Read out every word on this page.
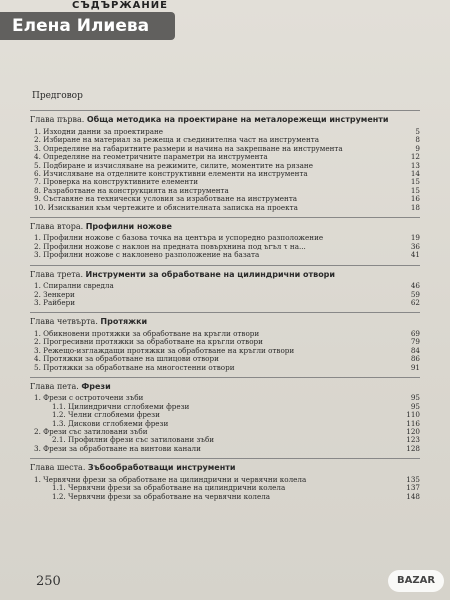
СЪДЪРЖАНИЕ
Елена Илиева
Предговор
Глава първа. Обща методика на проектиране на металорежещи инструменти
1. Изходни данни за проектиране	5
2. Избиране на материал за режеща и съединителна част на инструмента	8
3. Определяне на габаритните размери и начина на закрепване на инструмента	9
4. Определяне на геометричните параметри на инструмента	12
5. Подбиране и изчисляване на режимите, силите, моментите на рязане	13
6. Изчисляване на отделните конструктивни елементи на инструмента	14
7. Проверка на конструктивните елементи	15
8. Разработване на конструкцията на инструмента	15
9. Съставяне на технически условия за изработване на инструмента	16
10. Изисквания към чертежите и обяснителната записка на проекта	18
Глава втора. Профилни ножове
1. Профилни ножове с базова точка на центъра и успоредно разположение	19
2. Профилни ножове с наклон на предната повърхнина под ъгъл τ на...	36
3. Профилни ножове с наклонено разположение на базата	41
Глава трета. Инструменти за обработване на цилиндрични отвори
1. Спирални свредла	46
2. Зенкери	59
3. Райбери	62
Глава четвърта. Протяжки
1. Обикновени протяжки за обработване на кръгли отвори	69
2. Прогресивни протяжки за обработване на кръгли отвори	79
3. Режещо-изглаждащи протяжки за обработване на кръгли отвори	84
4. Протяжки за обработване на шлицови отвори	86
5. Протяжки за обработване на многостенни отвори	91
Глава пета. Фрези
1. Фрези с остроточени зъби	95
1.1. Цилиндрични сглобяеми фрези	95
1.2. Челни сглобяеми фрези	110
1.3. Дискови сглобяеми фрези	116
2. Фрези със затиловани зъби	120
2.1. Профилни фрези със затиловани зъби	123
3. Фрези за обработване на винтови канали	128
Глава шеста. Зъбообработващи инструменти
1. Червячни фрези за обработване на цилиндрични и червячни колела	135
1.1. Червячни фрези за обработване на цилиндрични колела	137
1.2. Червячни фрези за обработване на червячни колела	148
250	BAZAR
